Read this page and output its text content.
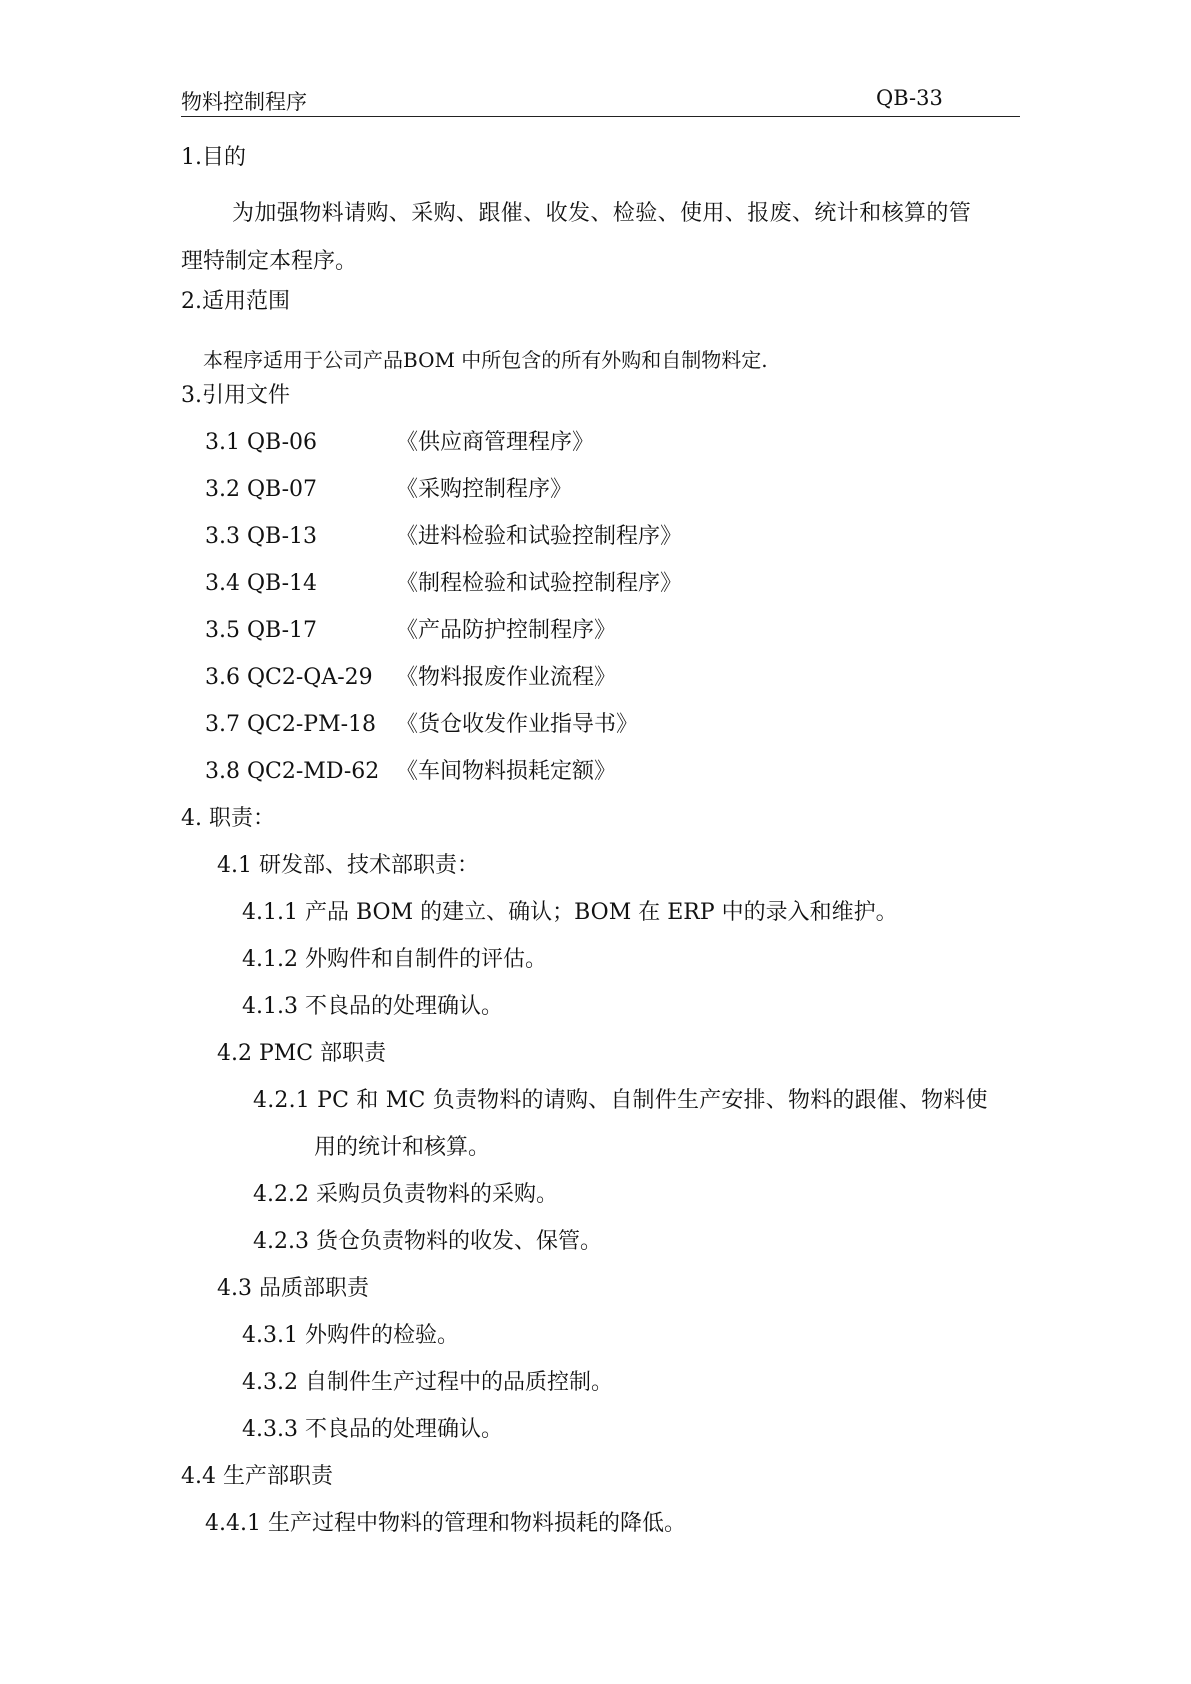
物料控制程序	QB-33
1.目的
为加强物料请购、采购、跟催、收发、检验、使用、报废、统计和核算的管
理特制定本程序。
2.适用范围
本程序适用于公司产品BOM 中所包含的所有外购和自制物料定.
3.引用文件
3.1 QB-06	《供应商管理程序》
3.2 QB-07	《采购控制程序》
3.3 QB-13	《进料检验和试验控制程序》
3.4 QB-14	《制程检验和试验控制程序》
3.5 QB-17	《产品防护控制程序》
3.6 QC2-QA-29 《物料报废作业流程》
3.7 QC2-PM-18 《货仓收发作业指导书》
3.8 QC2-MD-62 《车间物料损耗定额》
4. 职责：
4.1 研发部、技术部职责：
4.1.1 产品 BOM 的建立、确认；BOM 在 ERP 中的录入和维护。
4.1.2 外购件和自制件的评估。
4.1.3 不良品的处理确认。
4.2 PMC 部职责
4.2.1 PC 和 MC 负责物料的请购、自制件生产安排、物料的跟催、物料使
用的统计和核算。
4.2.2 采购员负责物料的采购。
4.2.3 货仓负责物料的收发、保管。
4.3 品质部职责
4.3.1 外购件的检验。
4.3.2 自制件生产过程中的品质控制。
4.3.3 不良品的处理确认。
4.4 生产部职责
4.4.1 生产过程中物料的管理和物料损耗的降低。
